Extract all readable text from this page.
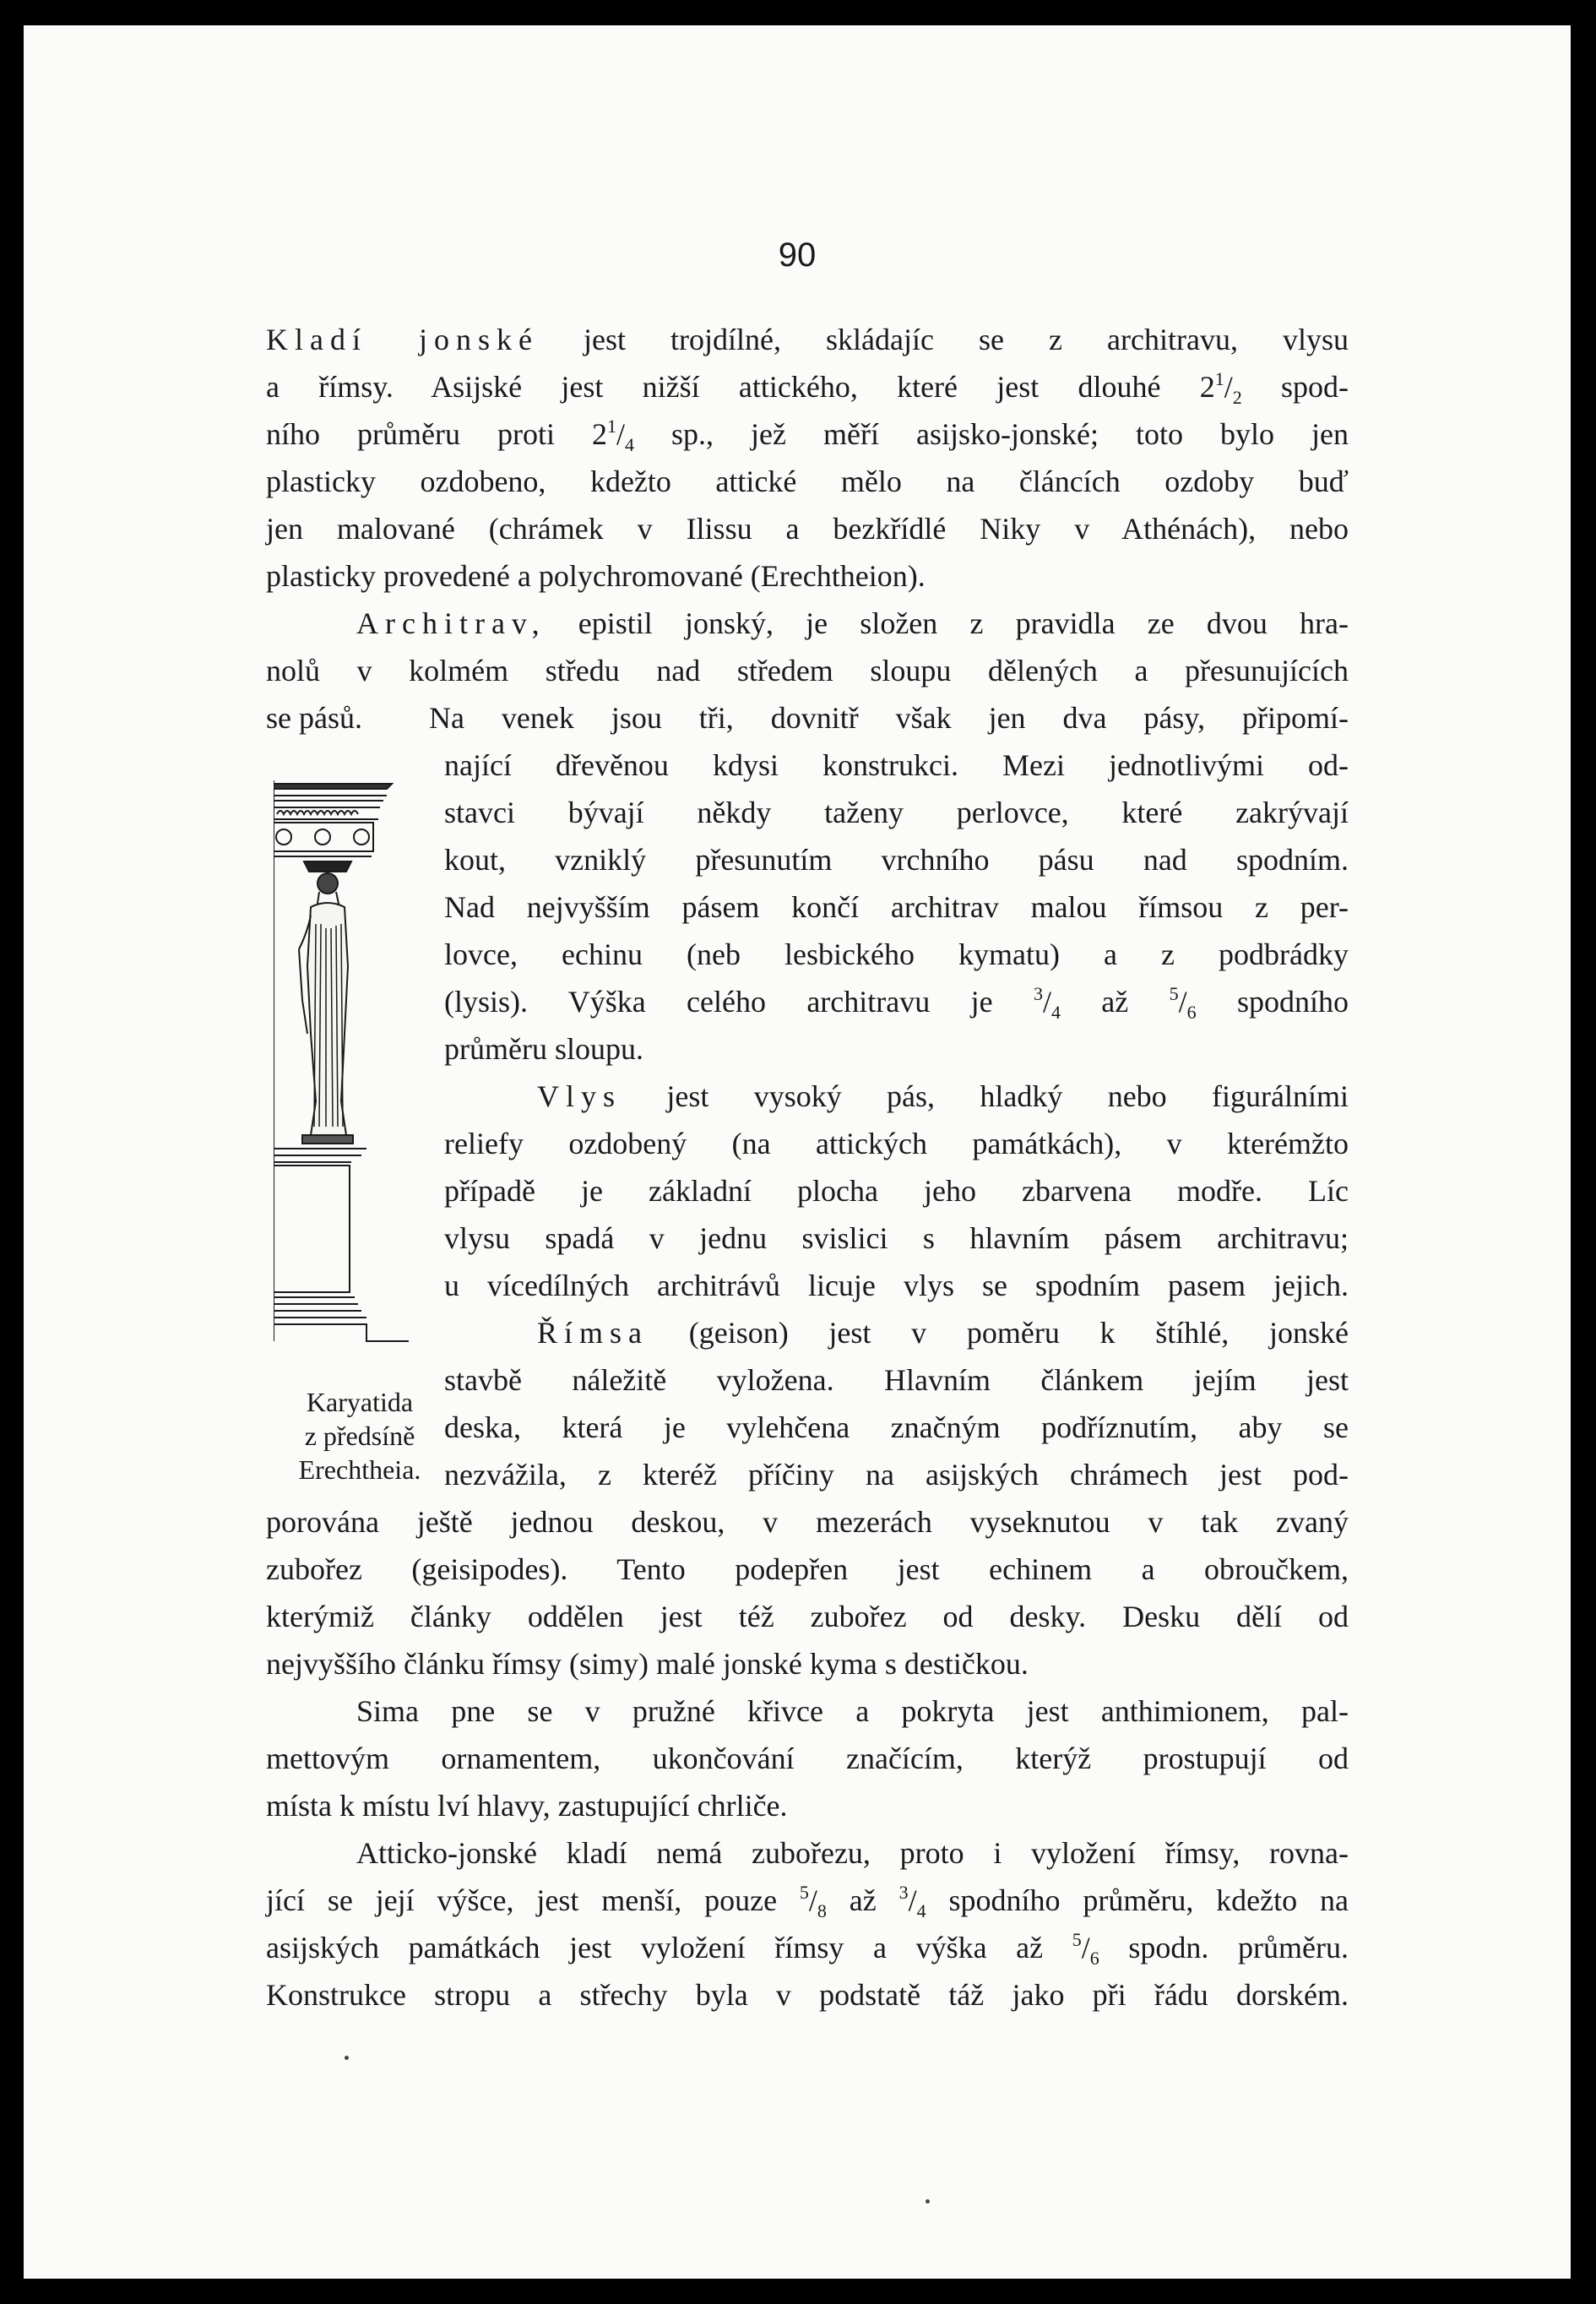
90
Kladí jonské jest trojdílné, skládajíc se z architravu, vlysu
a římsy. Asijské jest nižší attického, které jest dlouhé $2^1/_2$ spod-
ního průměru proti $2^1/_4$ sp., jež měří asijsko-jonské; toto bylo jen
plasticky ozdobeno, kdežto attické mělo na článcích ozdoby buď
jen malované (chrámek v Ilissu a bezkřídlé Niky v Athénách), nebo
plasticky provedené a polychromované (Erechtheion).
Architrav, epistil jonský, je složen z pravidla ze dvou hra-
nolů v kolmém středu nad středem sloupu dělených a přesunujících
se pásů.	Na venek jsou tři, dovnitř však jen dva pásy, připomí-
nající dřevěnou kdysi konstrukci. Mezi jednotlivými od-
stavci bývají někdy taženy perlovce, které zakrývají
kout, vzniklý přesunutím vrchního pásu nad spodním.
Nad nejvyšším pásem končí architrav malou římsou z per-
lovce, echinu (neb lesbického kymatu) a z podbrádky
(lysis). Výška celého architravu je $^3/_4$ až $^5/_6$ spodního
průměru sloupu.
Vlys jest vysoký pás, hladký nebo figurálními
reliefy ozdobený (na attických památkách), v kterémžto
případě je základní plocha jeho zbarvena modře. Líc
vlysu spadá v jednu svislici s hlavním pásem architravu;
u vícedílných architrávů licuje vlys se spodním pasem jejich.
Římsa (geison) jest v poměru k štíhlé, jonské
stavbě náležitě vyložena. Hlavním článkem jejím jest
deska, která je vylehčena značným podříznutím, aby se
nezvážila, z kteréž příčiny na asijských chrámech jest pod-
porována ještě jednou deskou, v mezerách vyseknutou v tak zvaný
zubořez (geisipodes). Tento podepřen jest echinem a obroučkem,
kterýmiž články oddělen jest též zubořez od desky. Desku dělí od
nejvyššího článku římsy (simy) malé jonské kyma s destičkou.
Sima pne se v pružné křivce a pokryta jest anthimionem, pal-
mettovým ornamentem, ukončování značícím, kterýž prostupují od
místa k místu lví hlavy, zastupující chrliče.
Atticko-jonské kladí nemá zubořezu, proto i vyložení římsy, rovna-
jící se její výšce, jest menší, pouze $^5/_8$ až $^3/_4$ spodního průměru, kdežto na
asijských památkách jest vyložení římsy a výška až $^5/_6$ spodn. průměru.
Konstrukce stropu a střechy byla v podstatě táž jako při řádu dorském.
Karyatida
z předsíně
Erechtheia.
